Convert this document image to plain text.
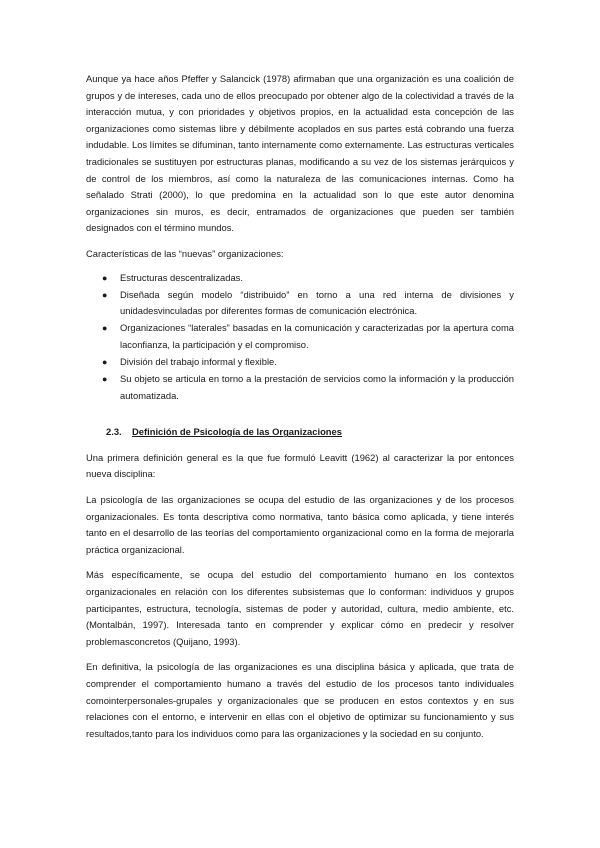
Aunque ya hace años Pfeffer y Salancick (1978) afirmaban que una organización es una coalición de grupos y de intereses, cada uno de ellos preocupado por obtener algo de la colectividad a través de la interacción mutua, y con prioridades y objetivos propios, en la actualidad esta concepción de las organizaciones como sistemas libre y débilmente acoplados en sus partes está cobrando una fuerza indudable. Los límites se difuminan, tanto internamente como externamente. Las estructuras verticales tradicionales se sustituyen por estructuras planas, modificando a su vez de los sistemas jerárquicos y de control de los miembros, así como la naturaleza de las comunicaciones internas. Como ha señalado Strati (2000), lo que predomina en la actualidad son lo que este autor denomina organizaciones sin muros, es decir, entramados de organizaciones que pueden ser también designados con el término mundos.

Características de las “nuevas” organizaciones:

● Estructuras descentralizadas.
● Diseñada según modelo “distribuido” en torno a una red interna de divisiones y unidadesvinculadas por diferentes formas de comunicación electrónica.
● Organizaciones “laterales” basadas en la comunicación y caracterizadas por la apertura coma laconfianza, la participación y el compromiso.
● División del trabajo informal y flexible.
● Su objeto se articula en torno a la prestación de servicios como la información y la producción automatizada.
2.3. Definición de Psicología de las Organizaciones

Una primera definición general es la que fue formuló Leavitt (1962) al caracterizar la por entonces nueva disciplina:

La psicología de las organizaciones se ocupa del estudio de las organizaciones y de los procesos organizacionales. Es tonta descriptiva como normativa, tanto básica como aplicada, y tiene interés tanto en el desarrollo de las teorías del comportamiento organizacional como en la forma de mejorarla práctica organizacional.

Más específicamente, se ocupa del estudio del comportamiento humano en los contextos organizacionales en relación con los diferentes subsistemas que lo conforman: individuos y grupos participantes, estructura, tecnología, sistemas de poder y autoridad, cultura, medio ambiente, etc. (Montalbán, 1997). Interesada tanto en comprender y explicar cómo en predecir y resolver problemasconcretos (Quijano, 1993).

En definitiva, la psicología de las organizaciones es una disciplina básica y aplicada, que trata de comprender el comportamiento humano a través del estudio de los procesos tanto individuales comointerpersonales-grupales y organizacionales que se producen en estos contextos y en sus relaciones con el entorno, e intervenir en ellas con el objetivo de optimizar su funcionamiento y sus resultados,tanto para los individuos como para las organizaciones y la sociedad en su conjunto.
